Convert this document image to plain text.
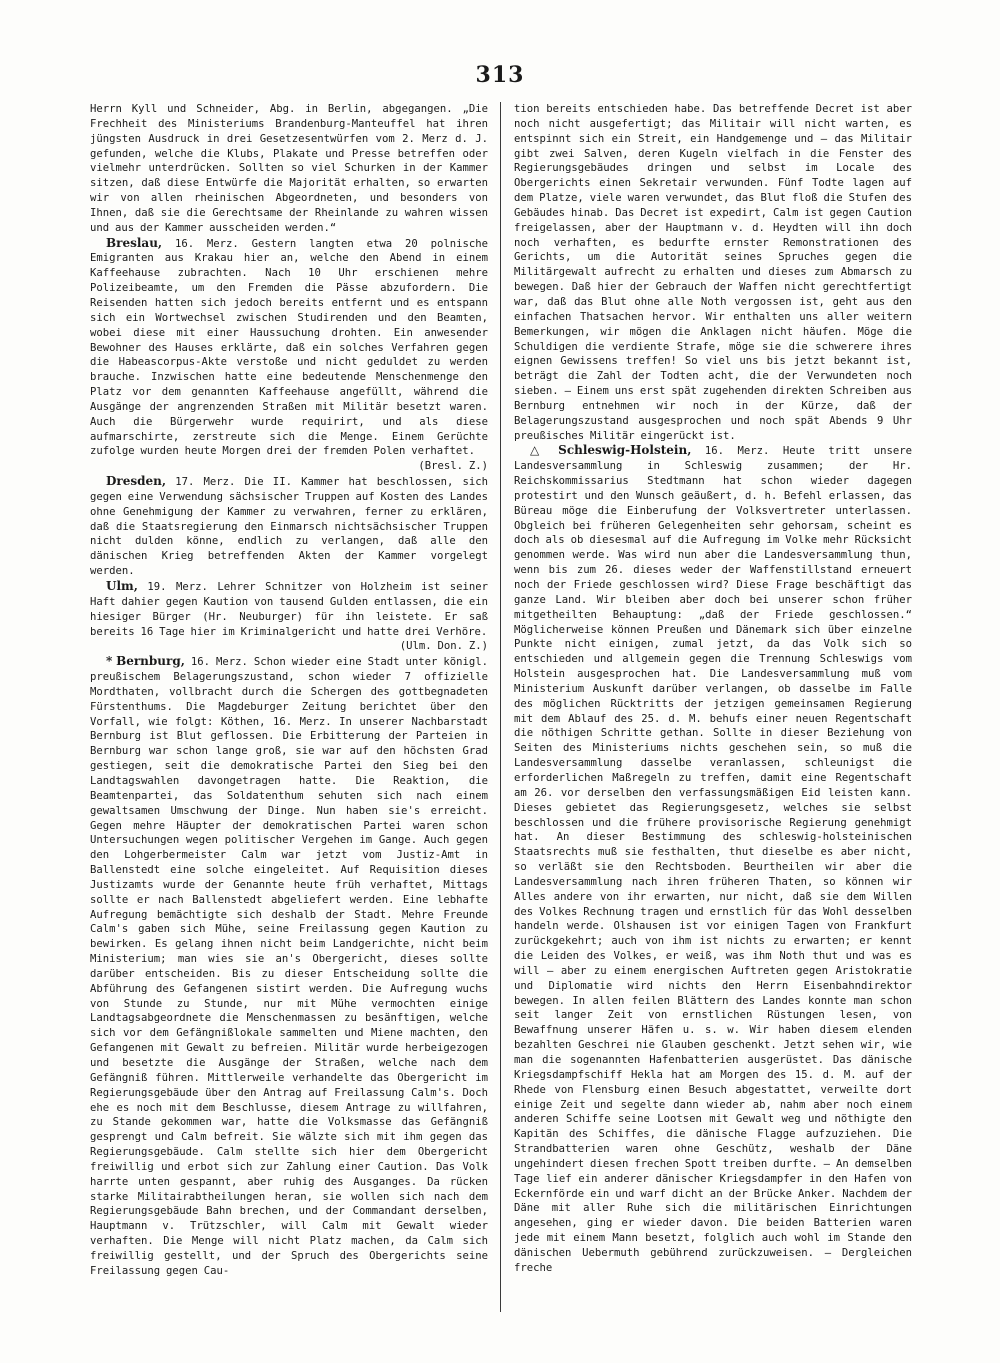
313

Herrn Kyll und Schneider, Abg. in Berlin, abgegangen. „Die Frechheit des Ministeriums Brandenburg-Manteuffel hat ihren jüngsten Ausdruck in drei Gesetzesentwürfen vom 2. Merz d. J. gefunden, welche die Klubs, Plakate und Presse betreffen oder vielmehr unterdrücken. Sollten so viel Schurken in der Kammer sitzen, daß diese Entwürfe die Majorität erhalten, so erwarten wir von allen rheinischen Abgeordneten, und besonders von Ihnen, daß sie die Gerechtsame der Rheinlande zu wahren wissen und aus der Kammer ausscheiden werden.“

Breslau, 16. Merz. Gestern langten etwa 20 polnische Emigranten aus Krakau hier an, welche den Abend in einem Kaffeehause zubrachten. Nach 10 Uhr erschienen mehre Polizeibeamte, um den Fremden die Pässe abzufordern. Die Reisenden hatten sich jedoch bereits entfernt und es entspann sich ein Wortwechsel zwischen Studirenden und den Beamten, wobei diese mit einer Haussuchung drohten. Ein anwesender Bewohner des Hauses erklärte, daß ein solches Verfahren gegen die Habeascorpus-Akte verstoße und nicht geduldet zu werden brauche. Inzwischen hatte eine bedeutende Menschenmenge den Platz vor dem genannten Kaffeehause angefüllt, während die Ausgänge der angrenzenden Straßen mit Militär besetzt waren. Auch die Bürgerwehr wurde requirirt, und als diese aufmarschirte, zerstreute sich die Menge. Einem Gerüchte zufolge wurden heute Morgen drei der fremden Polen verhaftet.
(Bresl. Z.)

Dresden, 17. Merz. Die II. Kammer hat beschlossen, sich gegen eine Verwendung sächsischer Truppen auf Kosten des Landes ohne Genehmigung der Kammer zu verwahren, ferner zu erklären, daß die Staatsregierung den Einmarsch nichtsächsischer Truppen nicht dulden könne, endlich zu verlangen, daß alle den dänischen Krieg betreffenden Akten der Kammer vorgelegt werden.

Ulm, 19. Merz. Lehrer Schnitzer von Holzheim ist seiner Haft dahier gegen Kaution von tausend Gulden entlassen, die ein hiesiger Bürger (Hr. Neuburger) für ihn leistete. Er saß bereits 16 Tage hier im Kriminalgericht und hatte drei Verhöre.
(Ulm. Don. Z.)

* Bernburg, 16. Merz. Schon wieder eine Stadt unter königl. preußischem Belagerungszustand, schon wieder 7 offizielle Mordthaten, vollbracht durch die Schergen des gottbegnadeten Fürstenthums. Die Magdeburger Zeitung berichtet über den Vorfall, wie folgt: Köthen, 16. Merz. In unserer Nachbarstadt Bernburg ist Blut geflossen. Die Erbitterung der Parteien in Bernburg war schon lange groß, sie war auf den höchsten Grad gestiegen, seit die demokratische Partei den Sieg bei den Landtagswahlen davongetragen hatte. Die Reaktion, die Beamtenpartei, das Soldatenthum sehuten sich nach einem gewaltsamen Umschwung der Dinge. Nun haben sie's erreicht. Gegen mehre Häupter der demokratischen Partei waren schon Untersuchungen wegen politischer Vergehen im Gange. Auch gegen den Lohgerbermeister Calm war jetzt vom Justiz-Amt in Ballenstedt eine solche eingeleitet. Auf Requisition dieses Justizamts wurde der Genannte heute früh verhaftet, Mittags sollte er nach Ballenstedt abgeliefert werden. Eine lebhafte Aufregung bemächtigte sich deshalb der Stadt. Mehre Freunde Calm's gaben sich Mühe, seine Freilassung gegen Kaution zu bewirken. Es gelang ihnen nicht beim Landgerichte, nicht beim Ministerium; man wies sie an's Obergericht, dieses sollte darüber entscheiden. Bis zu dieser Entscheidung sollte die Abführung des Gefangenen sistirt werden. Die Aufregung wuchs von Stunde zu Stunde, nur mit Mühe vermochten einige Landtagsabgeordnete die Menschenmassen zu besänftigen, welche sich vor dem Gefängnißlokale sammelten und Miene machten, den Gefangenen mit Gewalt zu befreien. Militär wurde herbeigezogen und besetzte die Ausgänge der Straßen, welche nach dem Gefängniß führen. Mittlerweile verhandelte das Obergericht im Regierungsgebäude über den Antrag auf Freilassung Calm's. Doch ehe es noch mit dem Beschlusse, diesem Antrage zu willfahren, zu Stande gekommen war, hatte die Volksmasse das Gefängniß gesprengt und Calm befreit. Sie wälzte sich mit ihm gegen das Regierungsgebäude. Calm stellte sich hier dem Obergericht freiwillig und erbot sich zur Zahlung einer Caution. Das Volk harrte unten gespannt, aber ruhig des Ausganges. Da rücken starke Militairabtheilungen heran, sie wollen sich nach dem Regierungsgebäude Bahn brechen, und der Commandant derselben, Hauptmann v. Trützschler, will Calm mit Gewalt wieder verhaften. Die Menge will nicht Platz machen, da Calm sich freiwillig gestellt, und der Spruch des Obergerichts seine Freilassung gegen Cau-

tion bereits entschieden habe. Das betreffende Decret ist aber noch nicht ausgefertigt; das Militair will nicht warten, es entspinnt sich ein Streit, ein Handgemenge und — das Militair gibt zwei Salven, deren Kugeln vielfach in die Fenster des Regierungsgebäudes dringen und selbst im Locale des Obergerichts einen Sekretair verwunden. Fünf Todte lagen auf dem Platze, viele waren verwundet, das Blut floß die Stufen des Gebäudes hinab. Das Decret ist expedirt, Calm ist gegen Caution freigelassen, aber der Hauptmann v. d. Heydten will ihn doch noch verhaften, es bedurfte ernster Remonstrationen des Gerichts, um die Autorität seines Spruches gegen die Militärgewalt aufrecht zu erhalten und dieses zum Abmarsch zu bewegen. Daß hier der Gebrauch der Waffen nicht gerechtfertigt war, daß das Blut ohne alle Noth vergossen ist, geht aus den einfachen Thatsachen hervor. Wir enthalten uns aller weitern Bemerkungen, wir mögen die Anklagen nicht häufen. Möge die Schuldigen die verdiente Strafe, möge sie die schwerere ihres eignen Gewissens treffen! So viel uns bis jetzt bekannt ist, beträgt die Zahl der Todten acht, die der Verwundeten noch sieben. — Einem uns erst spät zugehenden direkten Schreiben aus Bernburg entnehmen wir noch in der Kürze, daß der Belagerungszustand ausgesprochen und noch spät Abends 9 Uhr preußisches Militär eingerückt ist.

△ Schleswig-Holstein, 16. Merz. Heute tritt unsere Landesversammlung in Schleswig zusammen; der Hr. Reichskommissarius Stedtmann hat schon wieder dagegen protestirt und den Wunsch geäußert, d. h. Befehl erlassen, das Büreau möge die Einberufung der Volksvertreter unterlassen. Obgleich bei früheren Gelegenheiten sehr gehorsam, scheint es doch als ob diesesmal auf die Aufregung im Volke mehr Rücksicht genommen werde. Was wird nun aber die Landesversammlung thun, wenn bis zum 26. dieses weder der Waffenstillstand erneuert noch der Friede geschlossen wird? Diese Frage beschäftigt das ganze Land. Wir bleiben aber doch bei unserer schon früher mitgetheilten Behauptung: „daß der Friede geschlossen.“ Möglicherweise können Preußen und Dänemark sich über einzelne Punkte nicht einigen, zumal jetzt, da das Volk sich so entschieden und allgemein gegen die Trennung Schleswigs vom Holstein ausgesprochen hat. Die Landesversammlung muß vom Ministerium Auskunft darüber verlangen, ob dasselbe im Falle des möglichen Rücktritts der jetzigen gemeinsamen Regierung mit dem Ablauf des 25. d. M. behufs einer neuen Regentschaft die nöthigen Schritte gethan. Sollte in dieser Beziehung von Seiten des Ministeriums nichts geschehen sein, so muß die Landesversammlung dasselbe veranlassen, schleunigst die erforderlichen Maßregeln zu treffen, damit eine Regentschaft am 26. vor derselben den verfassungsmäßigen Eid leisten kann. Dieses gebietet das Regierungsgesetz, welches sie selbst beschlossen und die frühere provisorische Regierung genehmigt hat. An dieser Bestimmung des schleswig-holsteinischen Staatsrechts muß sie festhalten, thut dieselbe es aber nicht, so verläßt sie den Rechtsboden. Beurtheilen wir aber die Landesversammlung nach ihren früheren Thaten, so können wir Alles andere von ihr erwarten, nur nicht, daß sie dem Willen des Volkes Rechnung tragen und ernstlich für das Wohl desselben handeln werde. Olshausen ist vor einigen Tagen von Frankfurt zurückgekehrt; auch von ihm ist nichts zu erwarten; er kennt die Leiden des Volkes, er weiß, was ihm Noth thut und was es will — aber zu einem energischen Auftreten gegen Aristokratie und Diplomatie wird nichts den Herrn Eisenbahndirektor bewegen. In allen feilen Blättern des Landes konnte man schon seit langer Zeit von ernstlichen Rüstungen lesen, von Bewaffnung unserer Häfen u. s. w. Wir haben diesem elenden bezahlten Geschrei nie Glauben geschenkt. Jetzt sehen wir, wie man die sogenannten Hafenbatterien ausgerüstet. Das dänische Kriegsdampfschiff Hekla hat am Morgen des 15. d. M. auf der Rhede von Flensburg einen Besuch abgestattet, verweilte dort einige Zeit und segelte dann wieder ab, nahm aber noch einem anderen Schiffe seine Lootsen mit Gewalt weg und nöthigte den Kapitän des Schiffes, die dänische Flagge aufzuziehen. Die Strandbatterien waren ohne Geschütz, weshalb der Däne ungehindert diesen frechen Spott treiben durfte. — An demselben Tage lief ein anderer dänischer Kriegsdampfer in den Hafen von Eckernförde ein und warf dicht an der Brücke Anker. Nachdem der Däne mit aller Ruhe sich die militärischen Einrichtungen angesehen, ging er wieder davon. Die beiden Batterien waren jede mit einem Mann besetzt, folglich auch wohl im Stande den dänischen Uebermuth gebührend zurückzuweisen. — Dergleichen freche
